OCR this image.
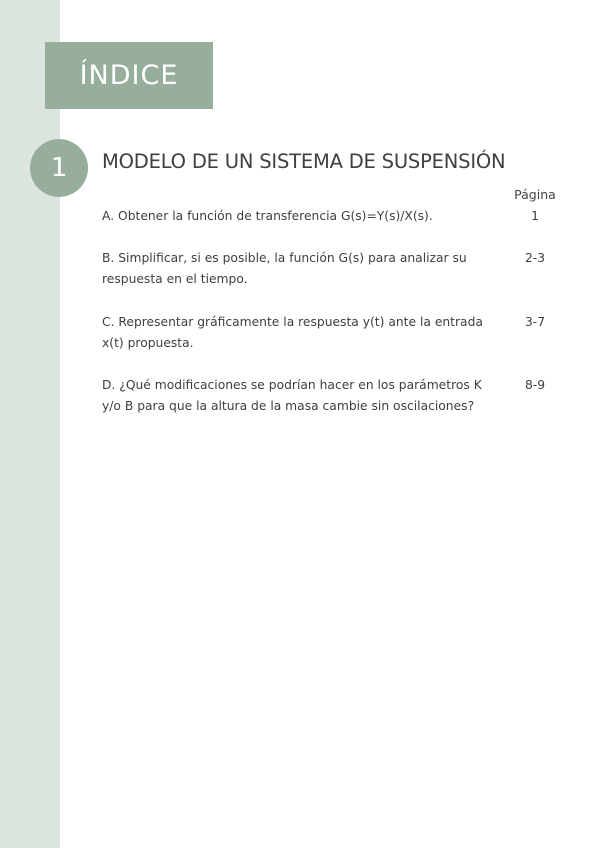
ÍNDICE
1 MODELO DE UN SISTEMA DE SUSPENSIÓN
Página
A. Obtener la función de transferencia G(s)=Y(s)/X(s).	1
B. Simplificar, si es posible, la función G(s) para analizar su respuesta en el tiempo.
2-3
C. Representar gráficamente la respuesta y(t) ante la entrada x(t) propuesta.
3-7
D. ¿Qué modificaciones se podrían hacer en los parámetros K y/o B para que la altura de la masa cambie sin oscilaciones?
8-9
